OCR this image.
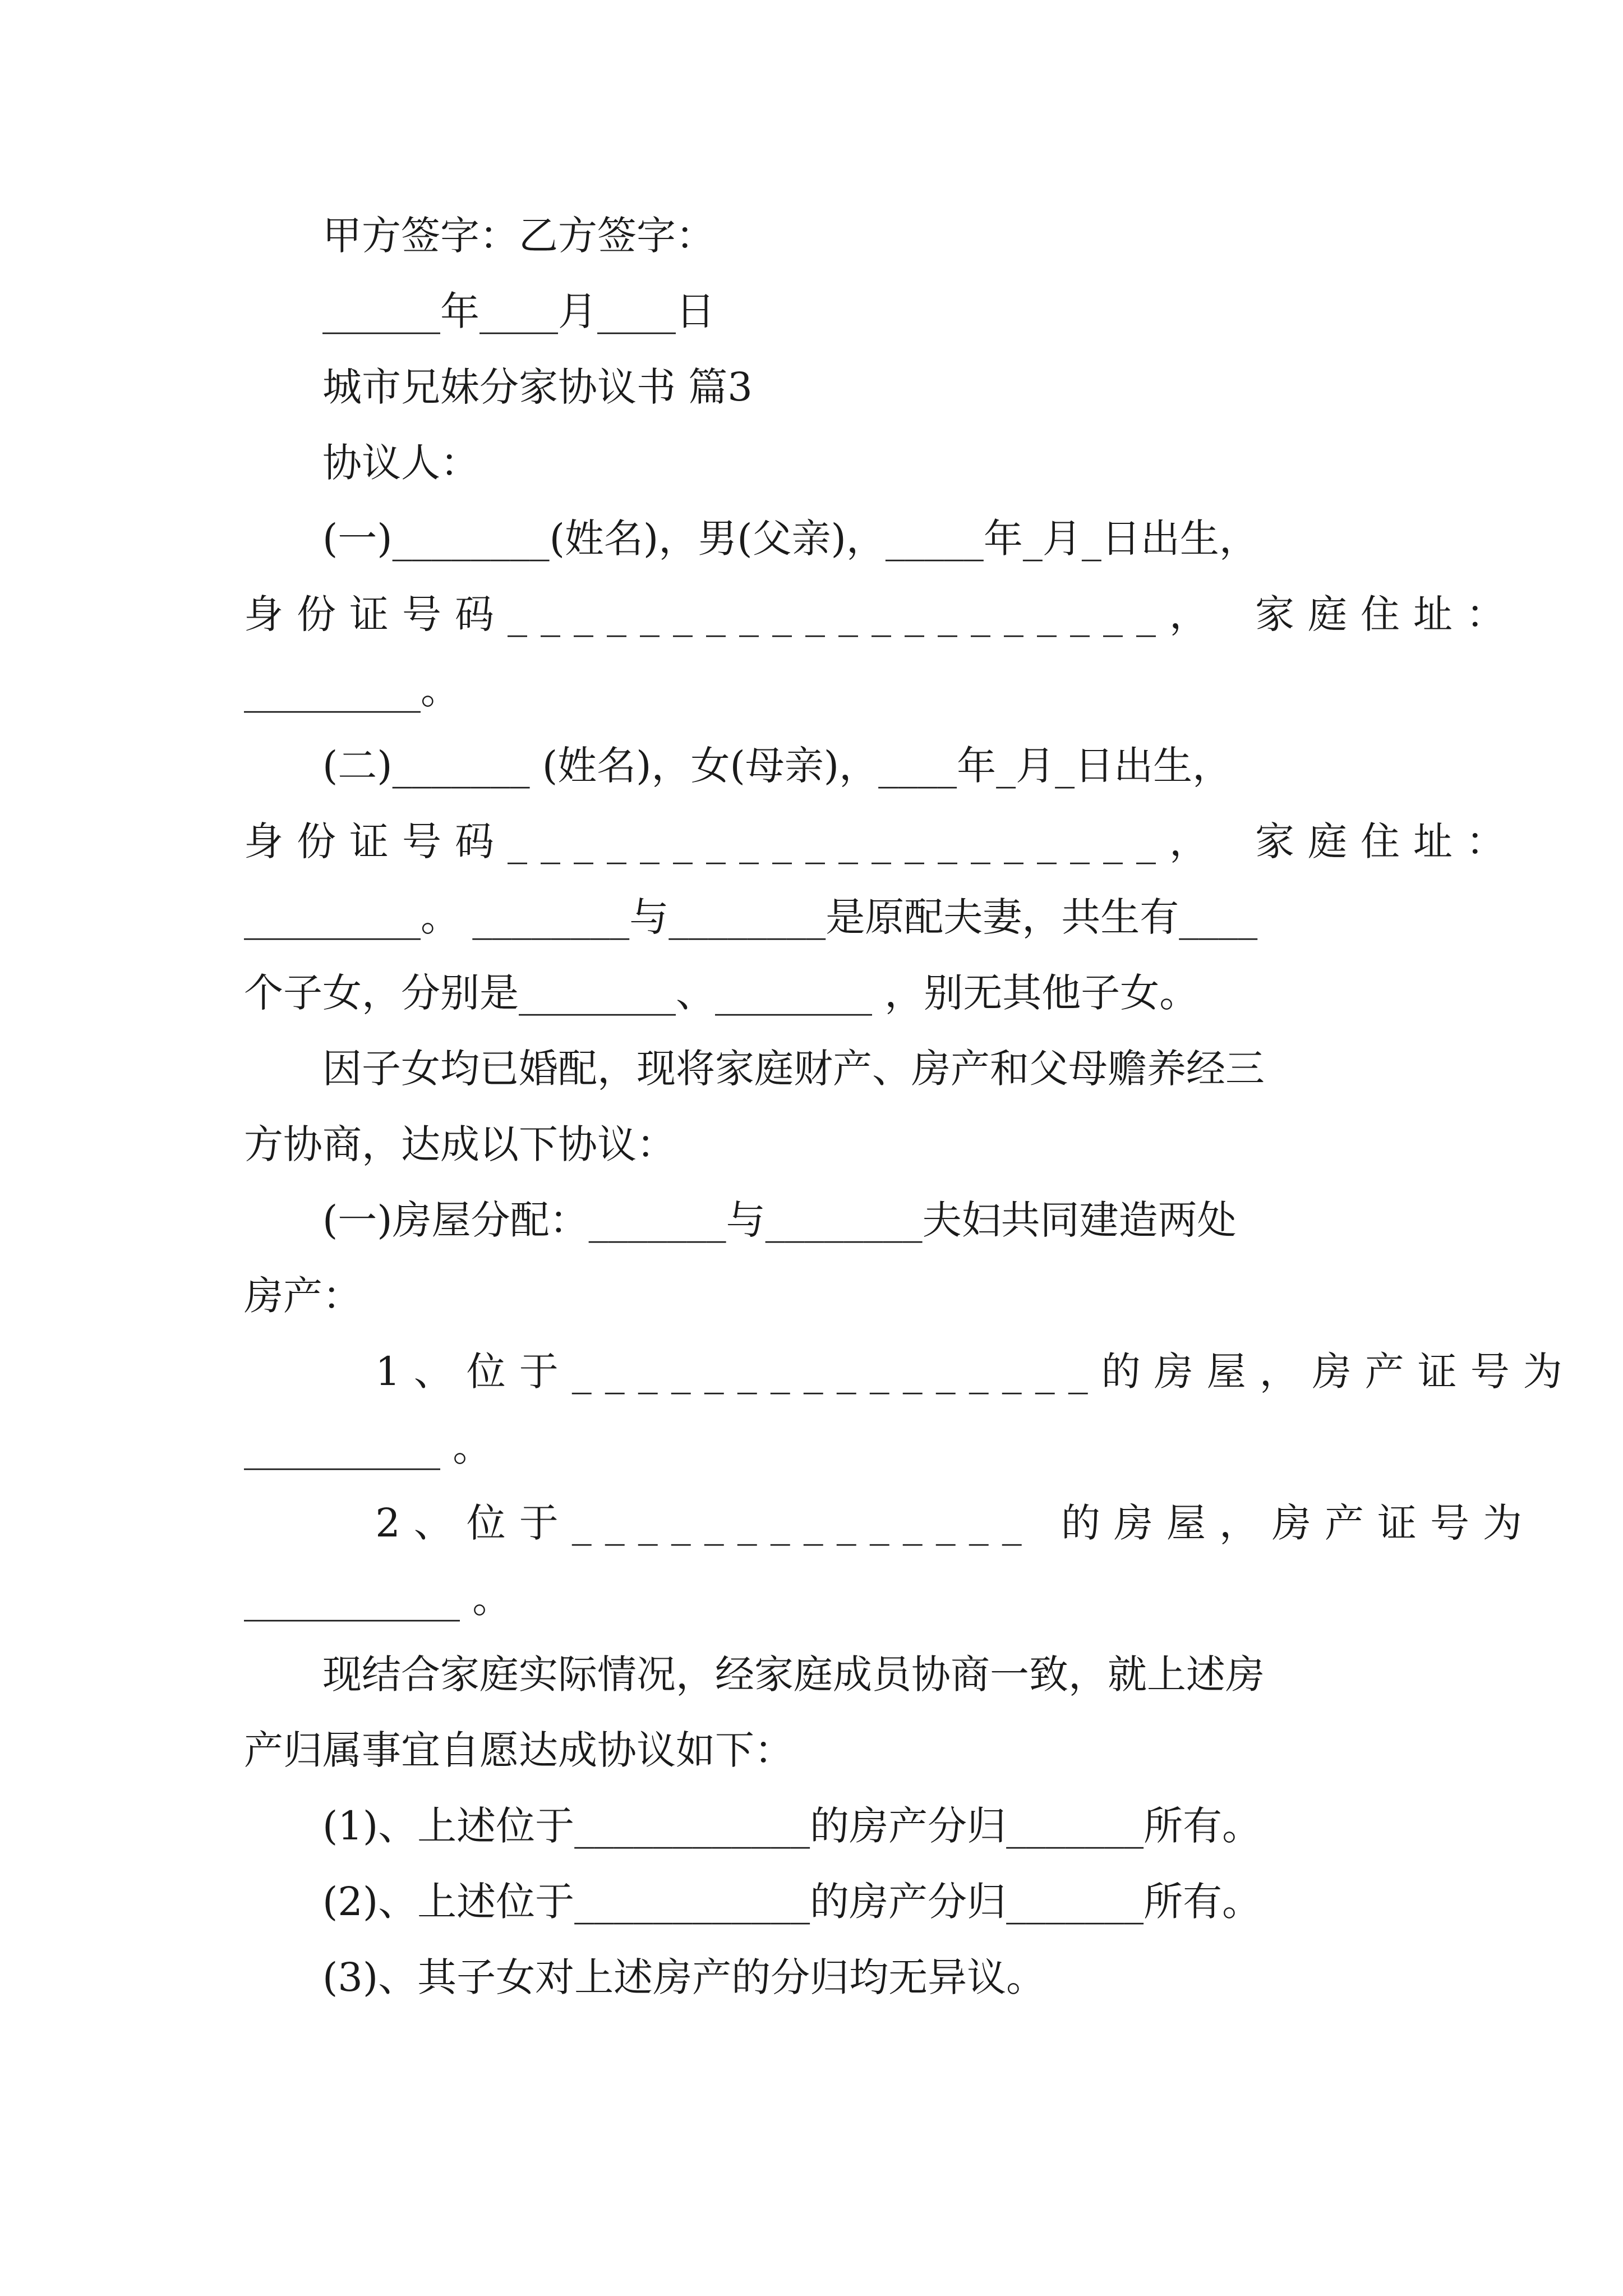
　　甲方签字：乙方签字：
　　______年____月____日
　　城市兄妹分家协议书 篇3
　　协议人：
　　(一)________(姓名)，男(父亲)，_____年_月_日出生，
身份证号码____________________，　家庭住址：
_________。
　　(二)_______ (姓名)，女(母亲)，____年_月_日出生，
身份证号码____________________，　家庭住址：
_________。 ________与________是原配夫妻，共生有____
个子女，分别是________、________ ，别无其他子女。
　　因子女均已婚配，现将家庭财产、房产和父母赡养经三
方协商，达成以下协议：
　　(一)房屋分配：_______与________夫妇共同建造两处
房产：
　　 1、位于________________的房屋，房产证号为
__________ 。
　　 2、位于______________ 的房屋，房产证号为
___________ 。
　　现结合家庭实际情况，经家庭成员协商一致，就上述房
产归属事宜自愿达成协议如下：
　　(1)、上述位于____________的房产分归_______所有。
　　(2)、上述位于____________的房产分归_______所有。
　　(3)、其子女对上述房产的分归均无异议。
